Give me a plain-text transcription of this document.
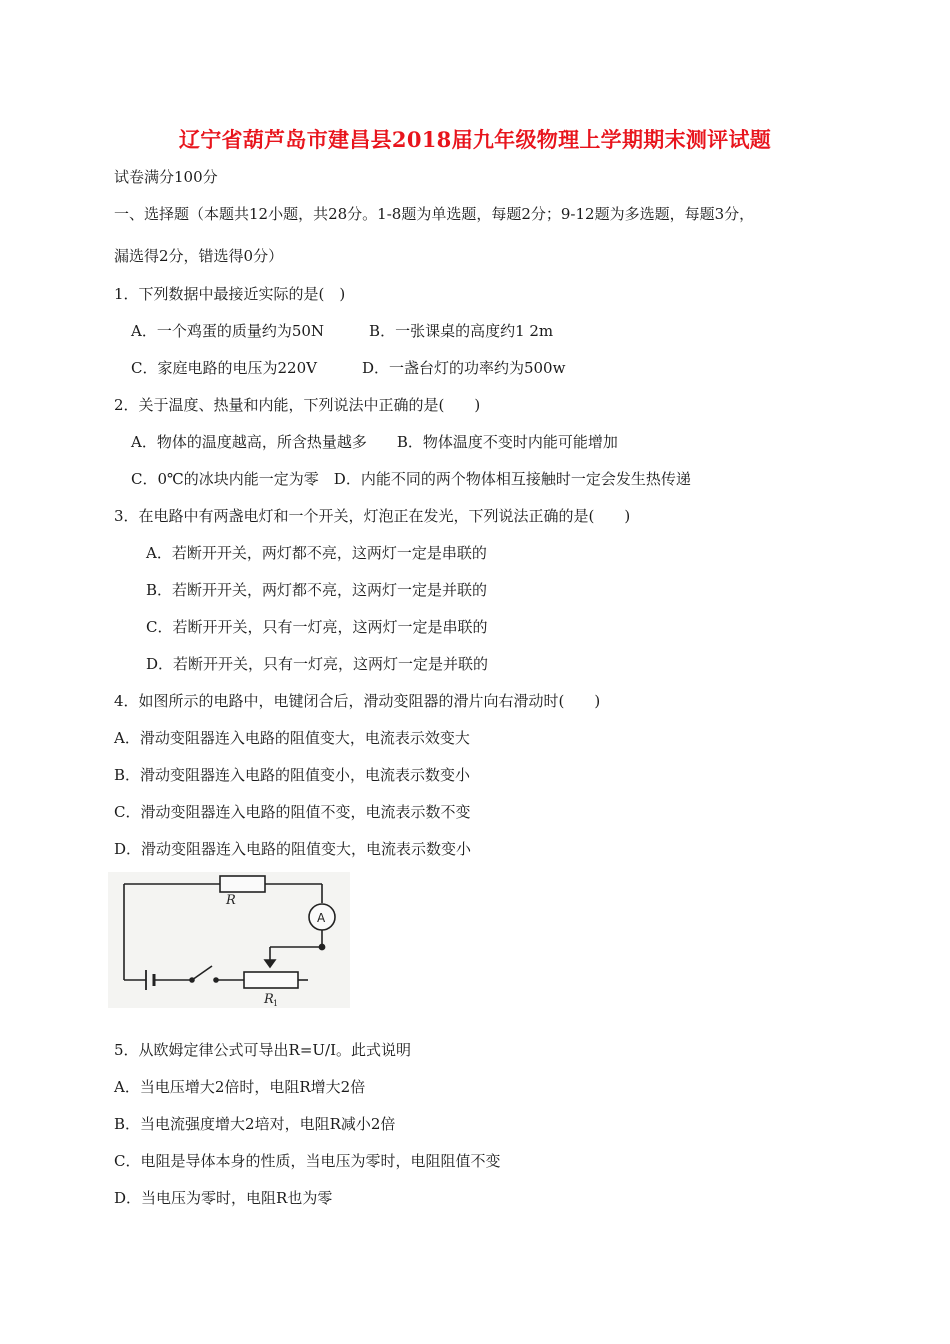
辽宁省葫芦岛市建昌县2018届九年级物理上学期期末测评试题
试卷满分100分
一、选择题（本题共12小题，共28分。1-8题为单选题，每题2分；9-12题为多选题，每题3分，
漏选得2分，错选得0分）
1．下列数据中最接近实际的是(　)
A．一个鸡蛋的质量约为50N　　　B．一张课桌的高度约1 2m
C．家庭电路的电压为220V　　　D．一盏台灯的功率约为500w
2．关于温度、热量和内能，下列说法中正确的是(　　)
A．物体的温度越高，所含热量越多　　B．物体温度不变时内能可能增加
C．0℃的冰块内能一定为零　D．内能不同的两个物体相互接触时一定会发生热传递
3．在电路中有两盏电灯和一个开关，灯泡正在发光，下列说法正确的是(　　)
A．若断开开关，两灯都不亮，这两灯一定是串联的
B．若断开开关，两灯都不亮，这两灯一定是并联的
C．若断开开关，只有一灯亮，这两灯一定是串联的
D．若断开开关，只有一灯亮，这两灯一定是并联的
4．如图所示的电路中，电键闭合后，滑动变阻器的滑片向右滑动时(　　)
A．滑动变阻器连入电路的阻值变大，电流表示效变大
B．滑动变阻器连入电路的阻值变小，电流表示数变小
C．滑动变阻器连入电路的阻值不变，电流表示数不变
D．滑动变阻器连入电路的阻值变大，电流表示数变小
R
A
R 1
5．从欧姆定律公式可导出R=U/I。此式说明
A．当电压增大2倍时，电阻R增大2倍
B．当电流强度增大2培对，电阻R减小2倍
C．电阻是导体本身的性质，当电压为零时，电阻阻值不变
D．当电压为零时，电阻R也为零
